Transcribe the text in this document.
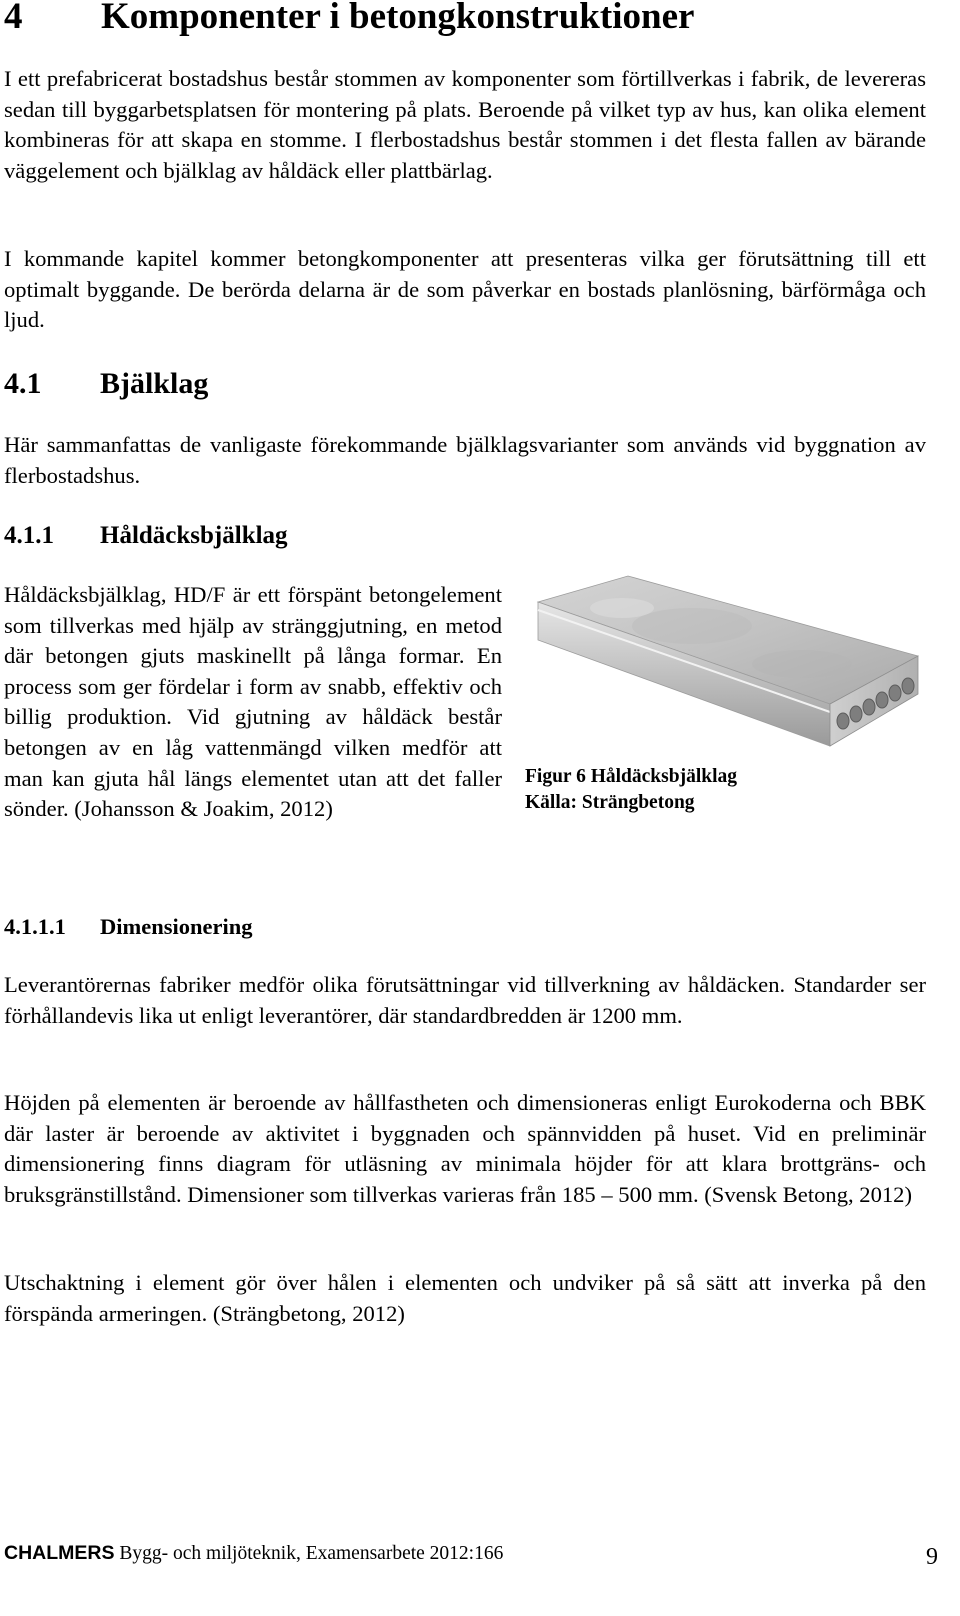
4 Komponenter i betongkonstruktioner

I ett prefabricerat bostadshus består stommen av komponenter som förtillverkas i fabrik, de levereras sedan till byggarbetsplatsen för montering på plats. Beroende på vilket typ av hus, kan olika element kombineras för att skapa en stomme. I flerbostadshus består stommen i det flesta fallen av bärande väggelement och bjälklag av håldäck eller plattbärlag.

I kommande kapitel kommer betongkomponenter att presenteras vilka ger förutsättning till ett optimalt byggande. De berörda delarna är de som påverkar en bostads planlösning, bärförmåga och ljud.

4.1 Bjälklag

Här sammanfattas de vanligaste förekommande bjälklagsvarianter som används vid byggnation av flerbostadshus.

4.1.1 Håldäcksbjälklag

Håldäcksbjälklag, HD/F är ett förspänt betongelement som tillverkas med hjälp av stränggjutning, en metod där betongen gjuts maskinellt på långa formar. En process som ger fördelar i form av snabb, effektiv och billig produktion. Vid gjutning av håldäck består betongen av en låg vattenmängd vilken medför att man kan gjuta hål längs elementet utan att det faller sönder. (Johansson & Joakim, 2012)

Figur 6 Håldäcksbjälklag
Källa: Strängbetong
4.1.1.1 Dimensionering

Leverantörernas fabriker medför olika förutsättningar vid tillverkning av håldäcken. Standarder ser förhållandevis lika ut enligt leverantörer, där standardbredden är 1200 mm.

Höjden på elementen är beroende av hållfastheten och dimensioneras enligt Eurokoderna och BBK där laster är beroende av aktivitet i byggnaden och spännvidden på huset. Vid en preliminär dimensionering finns diagram för utläsning av minimala höjder för att klara brottgräns- och bruksgränstillstånd. Dimensioner som tillverkas varieras från 185 – 500 mm. (Svensk Betong, 2012)

Utschaktning i element gör över hålen i elementen och undviker på så sätt att inverka på den förspända armeringen. (Strängbetong, 2012)

CHALMERS Bygg- och miljöteknik, Examensarbete 2012:166	9
